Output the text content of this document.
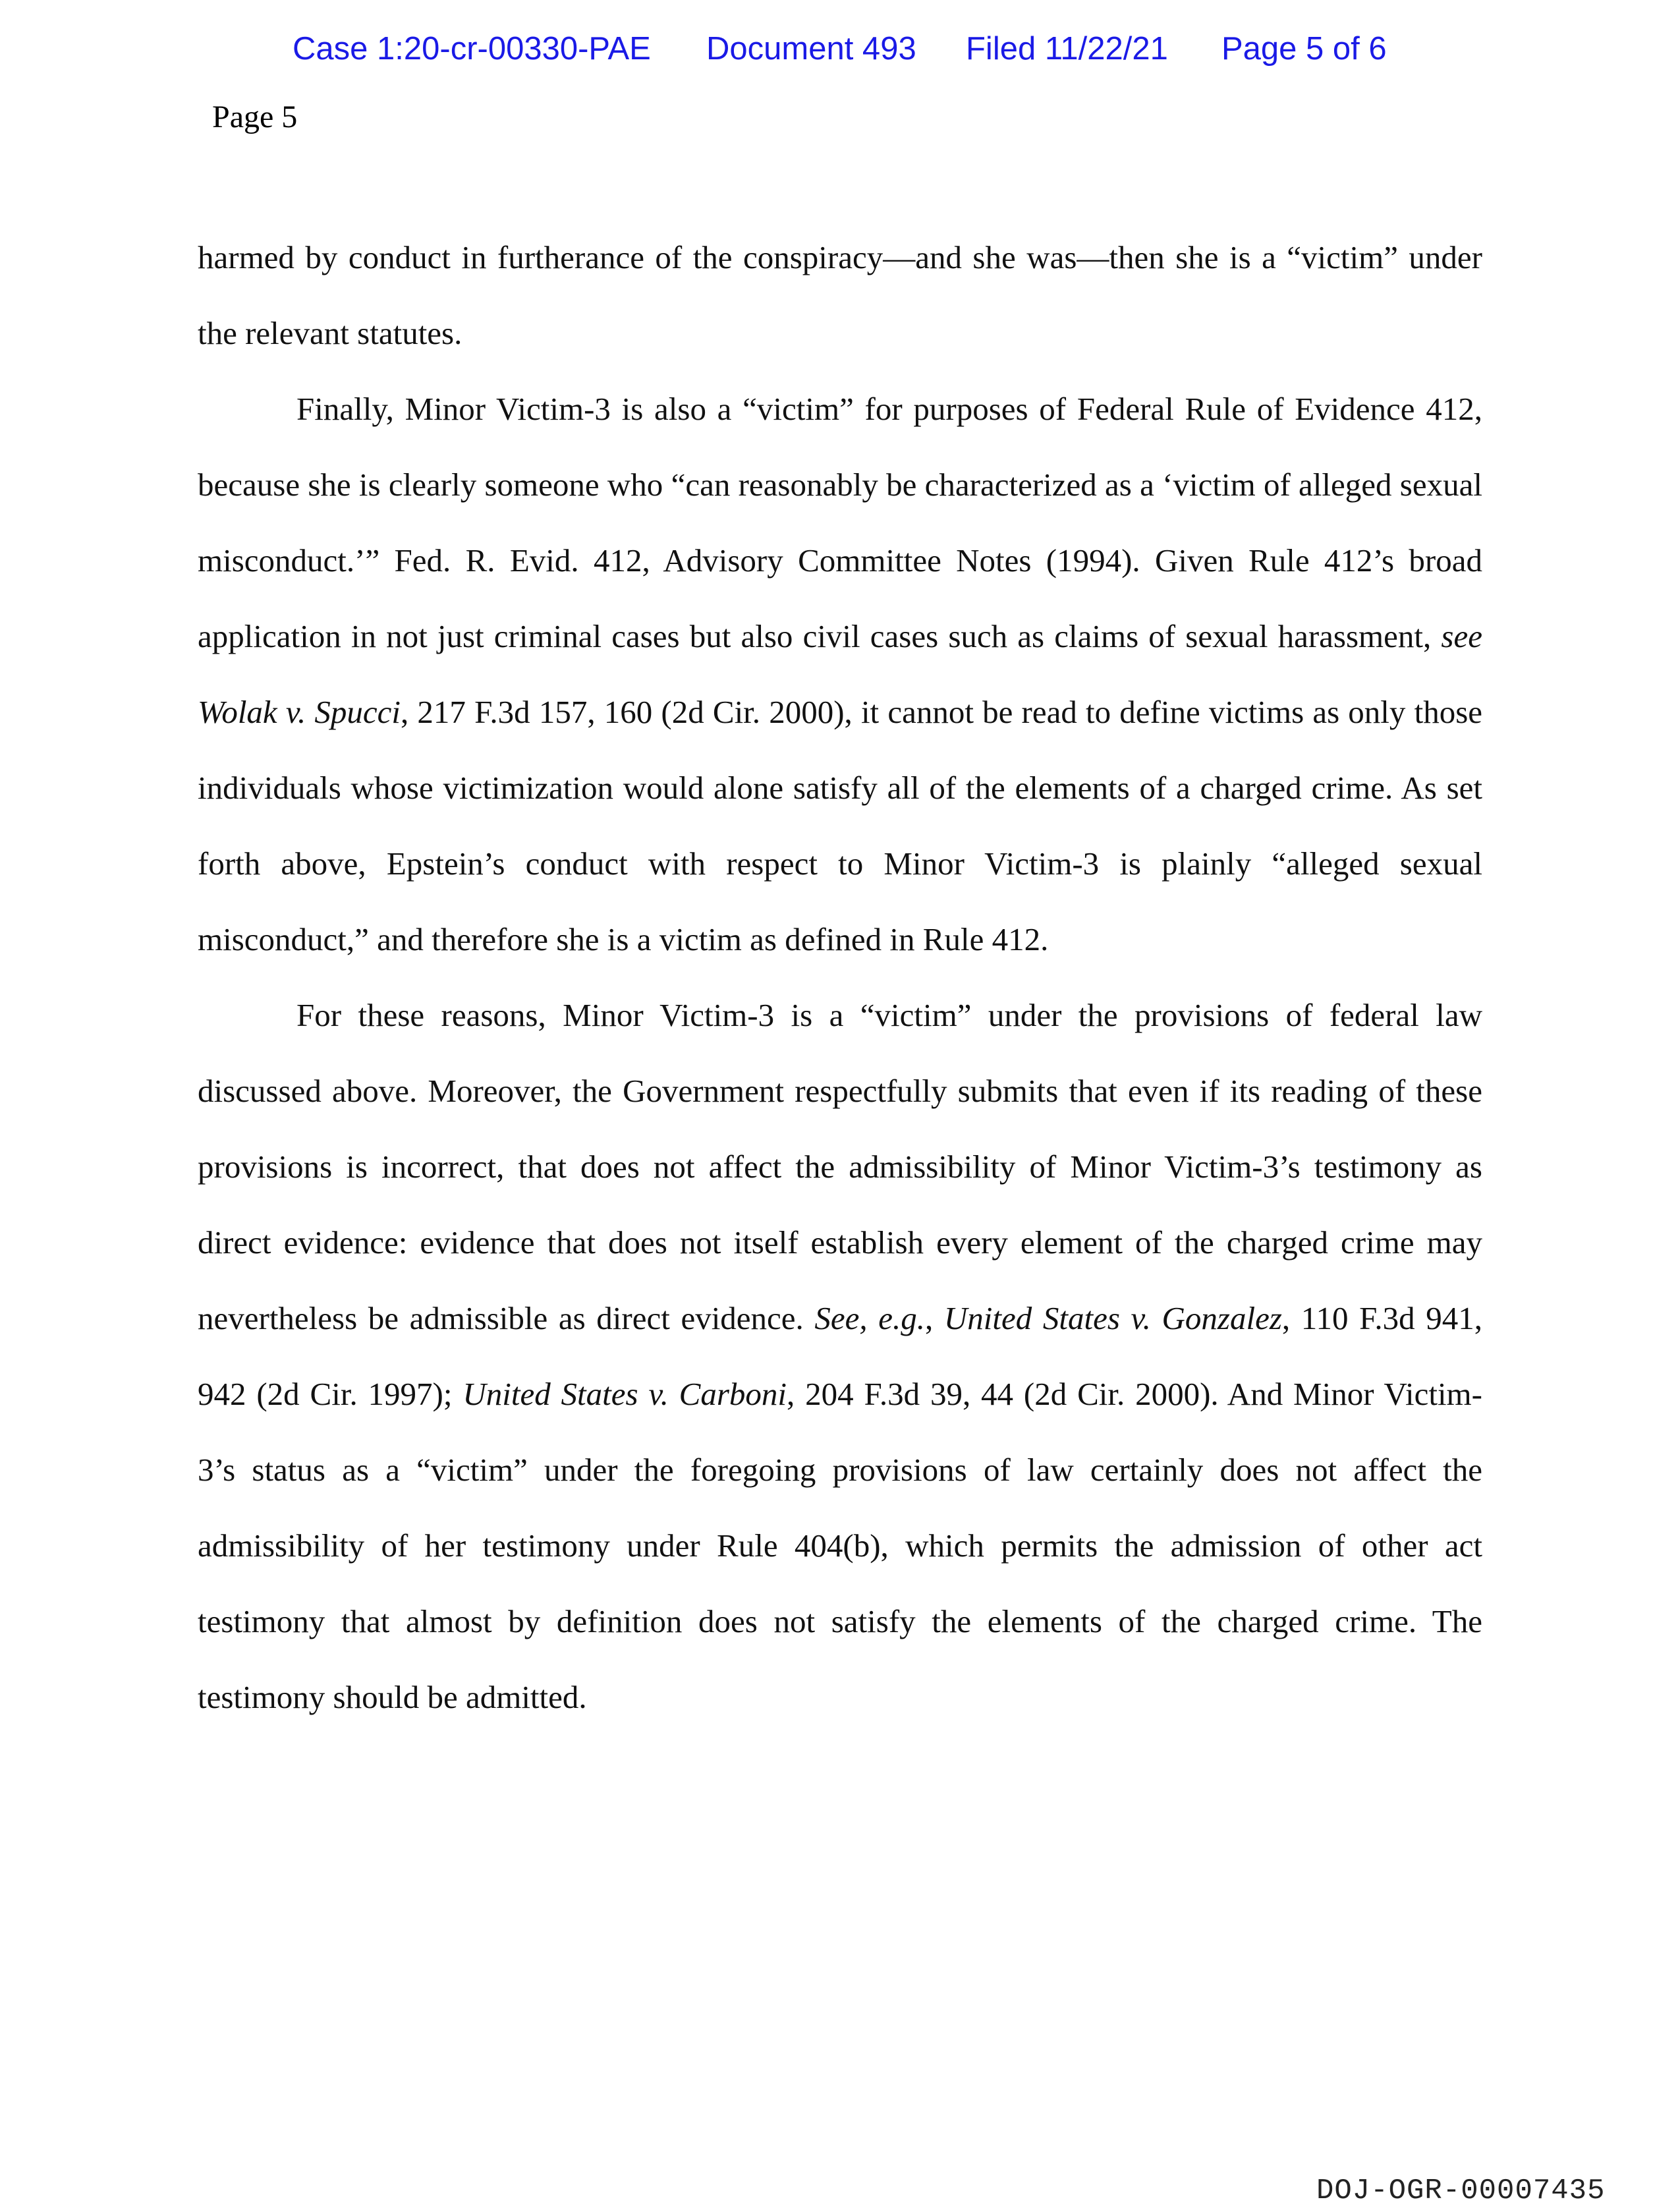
Case 1:20-cr-00330-PAE Document 493 Filed 11/22/21 Page 5 of 6
Page 5
harmed by conduct in furtherance of the conspiracy—and she was—then she is a “victim” under
the relevant statutes.
Finally, Minor Victim-3 is also a “victim” for purposes of Federal Rule of Evidence 412,
because she is clearly someone who “can reasonably be characterized as a ‘victim of alleged sexual
misconduct.’” Fed. R. Evid. 412, Advisory Committee Notes (1994). Given Rule 412’s broad
application in not just criminal cases but also civil cases such as claims of sexual harassment, see
Wolak v. Spucci, 217 F.3d 157, 160 (2d Cir. 2000), it cannot be read to define victims as only those
individuals whose victimization would alone satisfy all of the elements of a charged crime. As set
forth above, Epstein’s conduct with respect to Minor Victim-3 is plainly “alleged sexual
misconduct,” and therefore she is a victim as defined in Rule 412.
For these reasons, Minor Victim-3 is a “victim” under the provisions of federal law
discussed above. Moreover, the Government respectfully submits that even if its reading of these
provisions is incorrect, that does not affect the admissibility of Minor Victim-3’s testimony as
direct evidence: evidence that does not itself establish every element of the charged crime may
nevertheless be admissible as direct evidence. See, e.g., United States v. Gonzalez, 110 F.3d 941,
942 (2d Cir. 1997); United States v. Carboni, 204 F.3d 39, 44 (2d Cir. 2000). And Minor Victim-
3’s status as a “victim” under the foregoing provisions of law certainly does not affect the
admissibility of her testimony under Rule 404(b), which permits the admission of other act
testimony that almost by definition does not satisfy the elements of the charged crime. The
testimony should be admitted.
DOJ-OGR-00007435
